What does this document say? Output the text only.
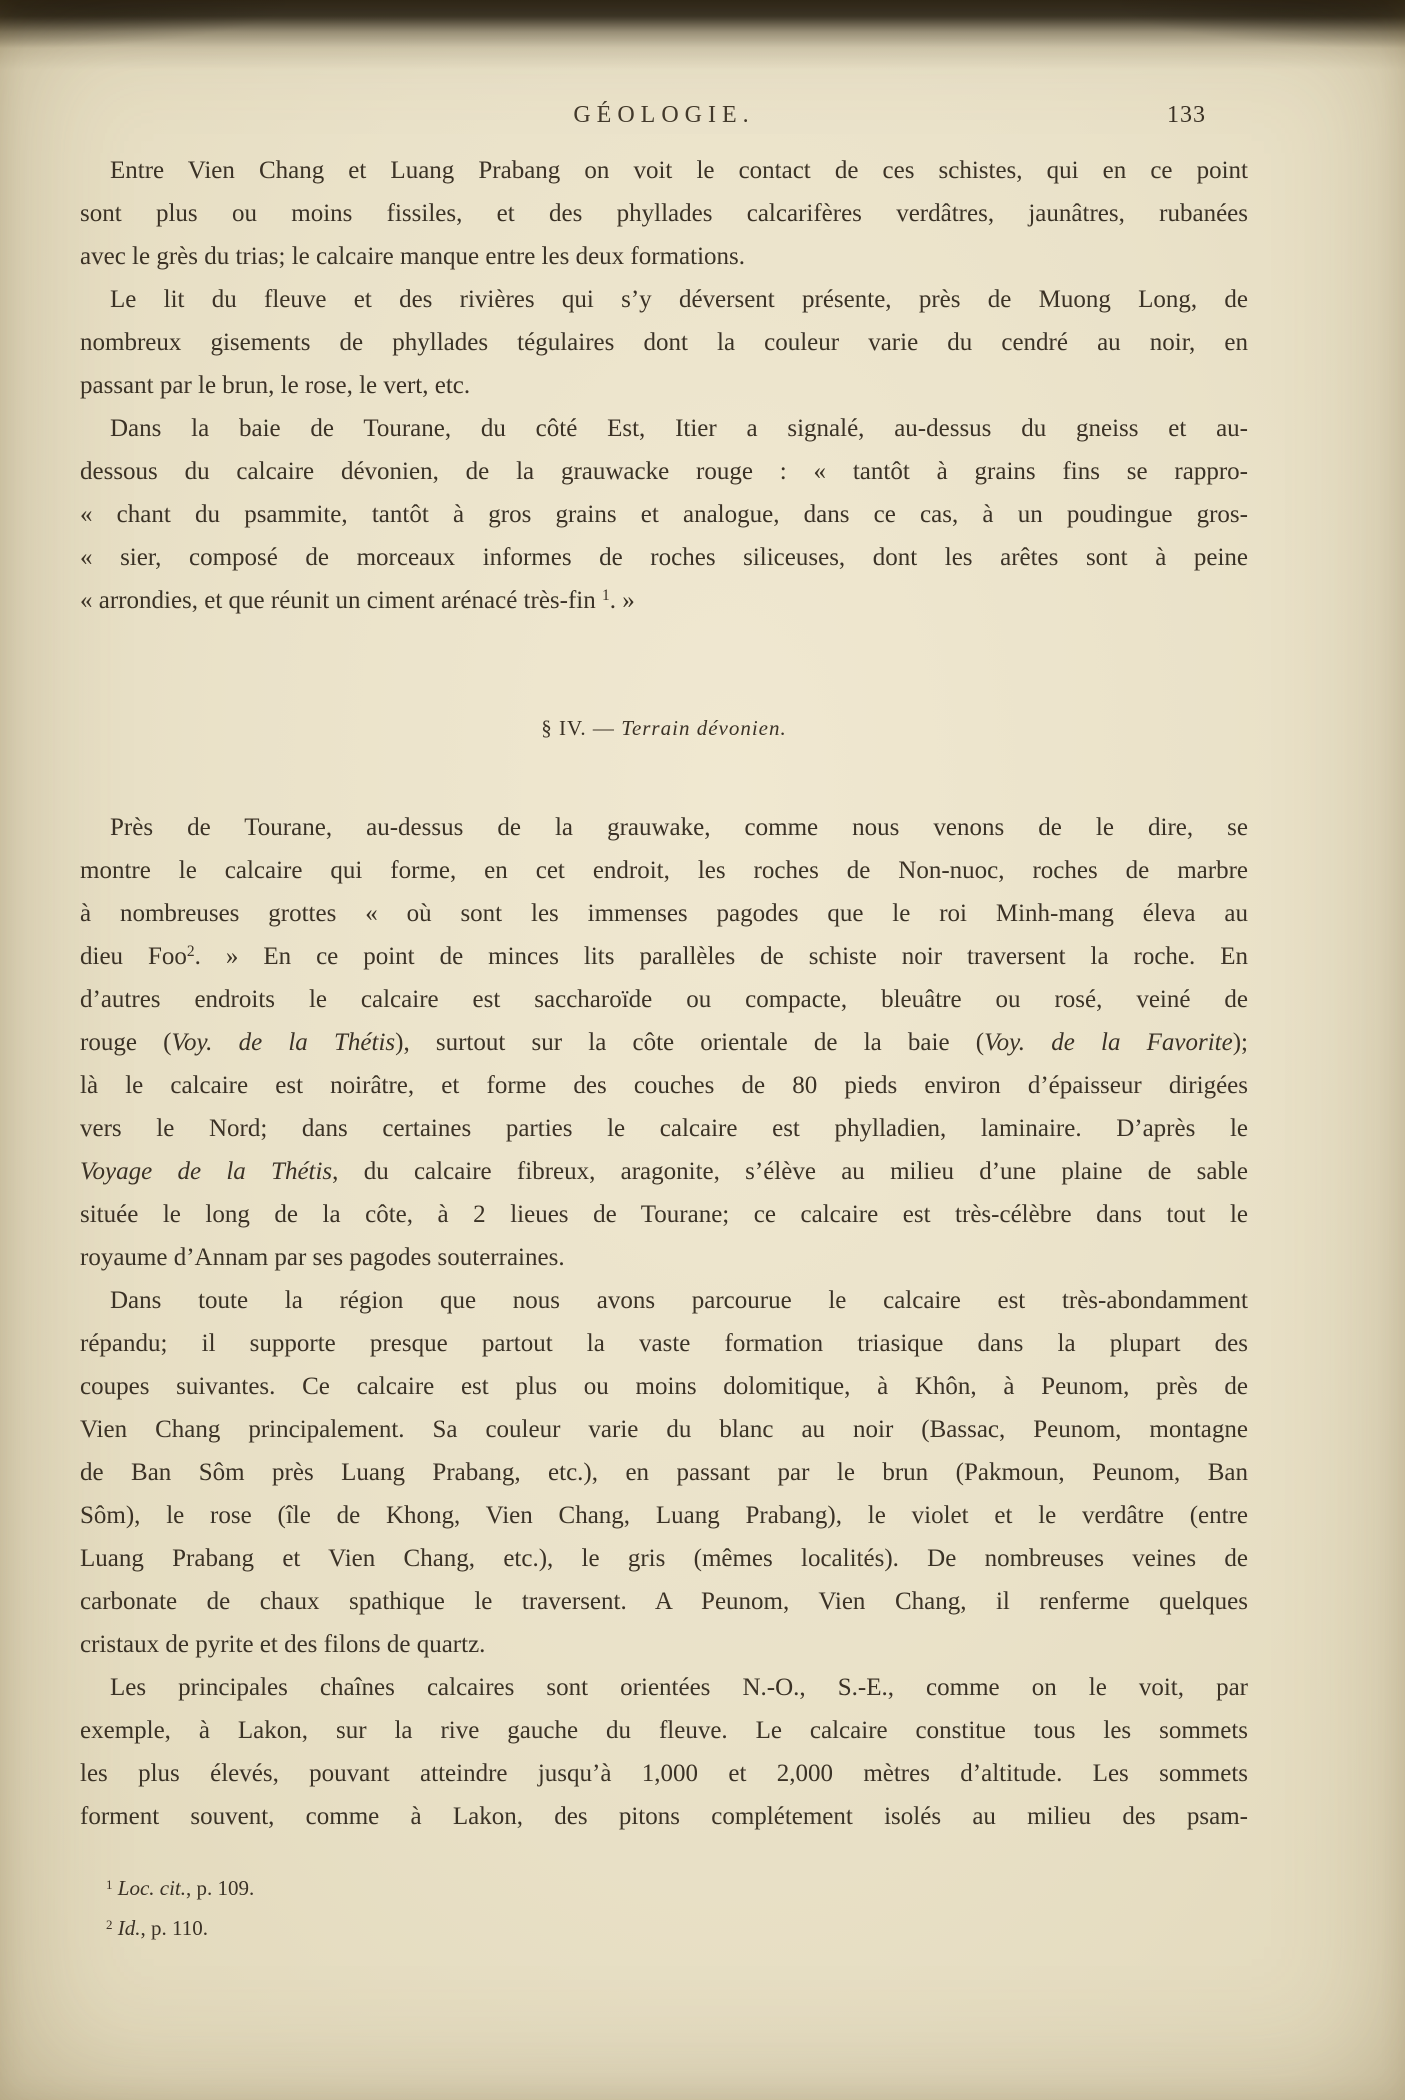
GÉOLOGIE.	133
Entre Vien Chang et Luang Prabang on voit le contact de ces schistes, qui en ce point
sont plus ou moins fissiles, et des phyllades calcarifères verdâtres, jaunâtres, rubanées
avec le grès du trias; le calcaire manque entre les deux formations.
Le lit du fleuve et des rivières qui s’y déversent présente, près de Muong Long, de
nombreux gisements de phyllades tégulaires dont la couleur varie du cendré au noir, en
passant par le brun, le rose, le vert, etc.
Dans la baie de Tourane, du côté Est, Itier a signalé, au-dessus du gneiss et au-
dessous du calcaire dévonien, de la grauwacke rouge : « tantôt à grains fins se rappro-
« chant du psammite, tantôt à gros grains et analogue, dans ce cas, à un poudingue gros-
« sier, composé de morceaux informes de roches siliceuses, dont les arêtes sont à peine
« arrondies, et que réunit un ciment arénacé très-fin $^1$. »
§ IV. — Terrain dévonien.
Près de Tourane, au-dessus de la grauwake, comme nous venons de le dire, se
montre le calcaire qui forme, en cet endroit, les roches de Non-nuoc, roches de marbre
à nombreuses grottes « où sont les immenses pagodes que le roi Minh-mang éleva au
dieu Foo$^2$. » En ce point de minces lits parallèles de schiste noir traversent la roche. En
d’autres endroits le calcaire est saccharoïde ou compacte, bleuâtre ou rosé, veiné de
rouge (Voy. de la Thétis), surtout sur la côte orientale de la baie (Voy. de la Favorite);
là le calcaire est noirâtre, et forme des couches de 80 pieds environ d’épaisseur dirigées
vers le Nord; dans certaines parties le calcaire est phylladien, laminaire. D’après le
Voyage de la Thétis, du calcaire fibreux, aragonite, s’élève au milieu d’une plaine de sable
située le long de la côte, à 2 lieues de Tourane; ce calcaire est très-célèbre dans tout le
royaume d’Annam par ses pagodes souterraines.
Dans toute la région que nous avons parcourue le calcaire est très-abondamment
répandu; il supporte presque partout la vaste formation triasique dans la plupart des
coupes suivantes. Ce calcaire est plus ou moins dolomitique, à Khôn, à Peunom, près de
Vien Chang principalement. Sa couleur varie du blanc au noir (Bassac, Peunom, montagne
de Ban Sôm près Luang Prabang, etc.), en passant par le brun (Pakmoun, Peunom, Ban
Sôm), le rose (île de Khong, Vien Chang, Luang Prabang), le violet et le verdâtre (entre
Luang Prabang et Vien Chang, etc.), le gris (mêmes localités). De nombreuses veines de
carbonate de chaux spathique le traversent. A Peunom, Vien Chang, il renferme quelques
cristaux de pyrite et des filons de quartz.
Les principales chaînes calcaires sont orientées N.-O., S.-E., comme on le voit, par
exemple, à Lakon, sur la rive gauche du fleuve. Le calcaire constitue tous les sommets
les plus élevés, pouvant atteindre jusqu’à 1,000 et 2,000 mètres d’altitude. Les sommets
forment souvent, comme à Lakon, des pitons complétement isolés au milieu des psam-
$^1$ Loc. cit., p. 109.
$^2$ Id., p. 110.
